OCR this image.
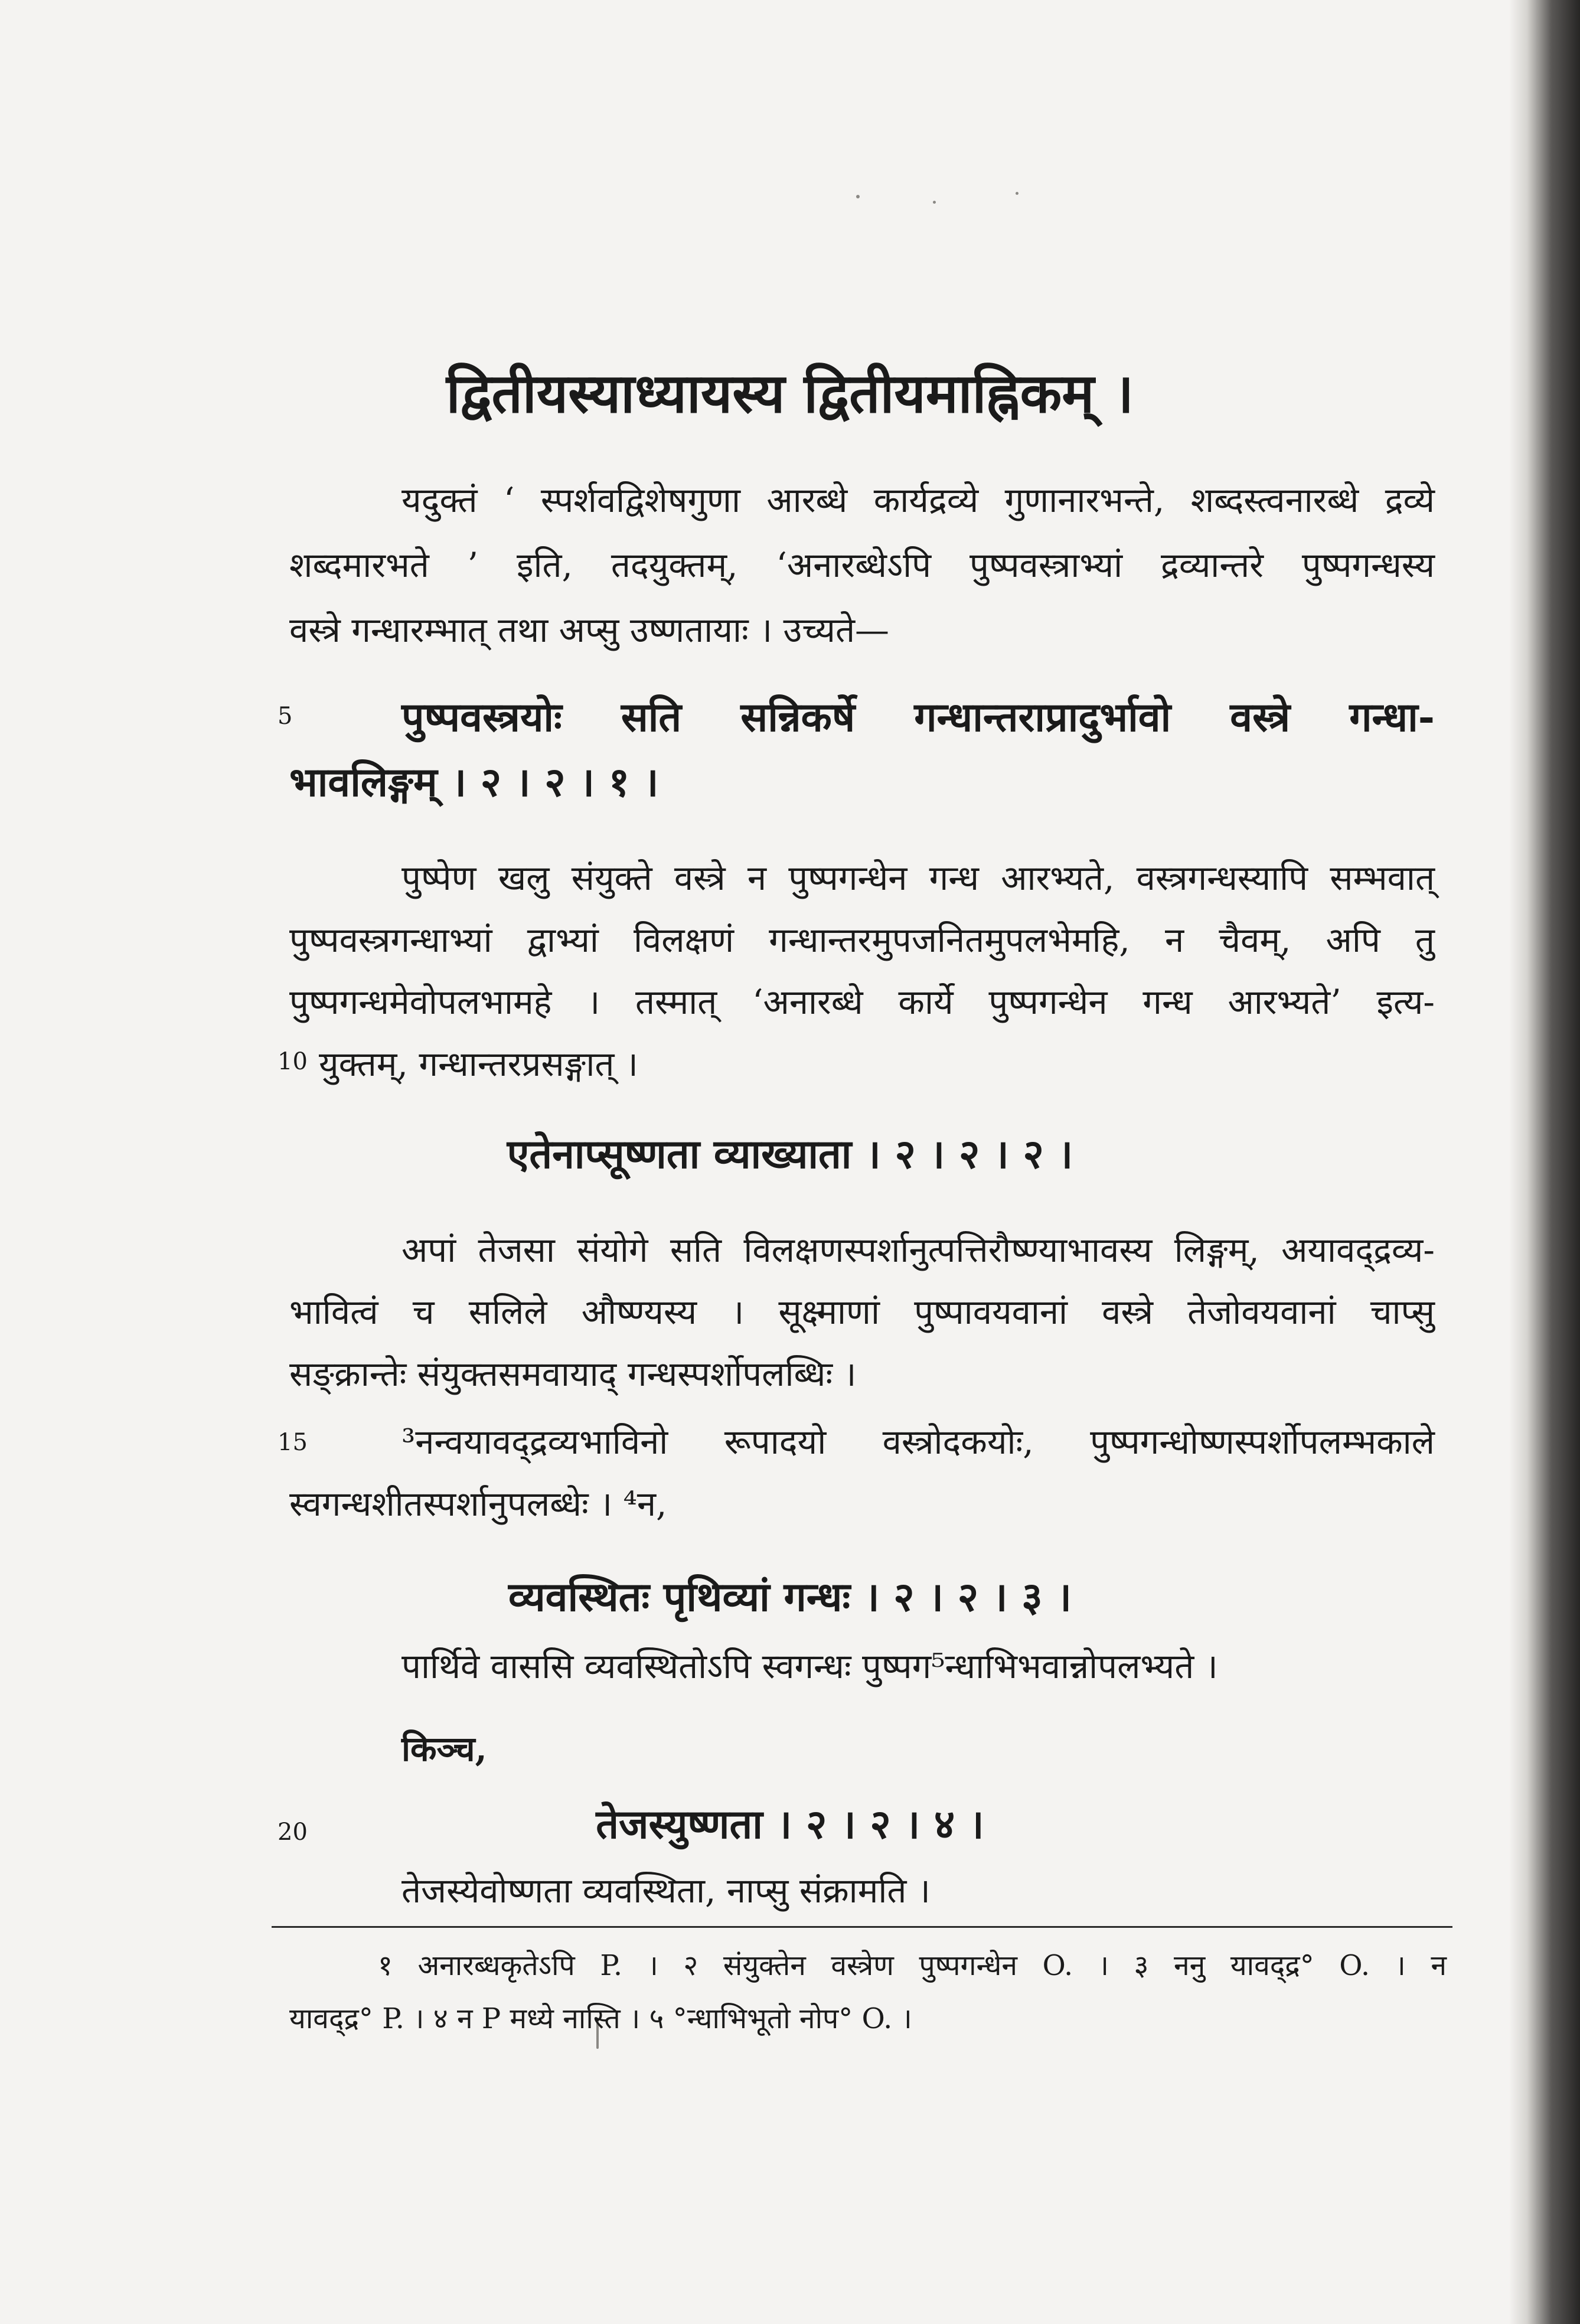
द्वितीयस्याध्यायस्य द्वितीयमाह्निकम् ।
यदुक्तं ‘ स्पर्शवद्विशेषगुणा आरब्धे कार्यद्रव्ये गुणानारभन्ते, शब्दस्त्वनारब्धे द्रव्ये
शब्दमारभते ’ इति, तदयुक्तम्, ‘अनारब्धेऽपि पुष्पवस्त्राभ्यां द्रव्यान्तरे पुष्पगन्धस्य
वस्त्रे गन्धारम्भात् तथा अप्सु उष्णतायाः । उच्यते—
5	पुष्पवस्त्रयोः सति सन्निकर्षे गन्धान्तराप्रादुर्भावो वस्त्रे गन्धा-
भावलिङ्गम् । २ । २ । १ ।
पुष्पेण खलु संयुक्ते वस्त्रे न पुष्पगन्धेन गन्ध आरभ्यते, वस्त्रगन्धस्यापि सम्भवात्
पुष्पवस्त्रगन्धाभ्यां द्वाभ्यां विलक्षणं गन्धान्तरमुपजनितमुपलभेमहि, न चैवम्, अपि तु
पुष्पगन्धमेवोपलभामहे । तस्मात् ‘अनारब्धे कार्ये पुष्पगन्धेन गन्ध आरभ्यते’ इत्य-
10 युक्तम्, गन्धान्तरप्रसङ्गात् ।
एतेनाप्सूष्णता व्याख्याता । २ । २ । २ ।
अपां तेजसा संयोगे सति विलक्षणस्पर्शानुत्पत्तिरौष्ण्याभावस्य लिङ्गम्, अयावद्द्रव्य-
भावित्वं च सलिले औष्ण्यस्य । सूक्ष्माणां पुष्पावयवानां वस्त्रे तेजोवयवानां चाप्सु
सङ्क्रान्तेः संयुक्तसमवायाद् गन्धस्पर्शोपलब्धिः ।
15	³नन्वयावद्द्रव्यभाविनो रूपादयो वस्त्रोदकयोः, पुष्पगन्धोष्णस्पर्शोपलम्भकाले
स्वगन्धशीतस्पर्शानुपलब्धेः । ⁴न,
व्यवस्थितः पृथिव्यां गन्धः । २ । २ । ३ ।
पार्थिवे वाससि व्यवस्थितोऽपि स्वगन्धः पुष्पग⁵न्धाभिभवान्नोपलभ्यते ।
किञ्च,
20	तेजस्युष्णता । २ । २ । ४ ।
तेजस्येवोष्णता व्यवस्थिता, नाप्सु संक्रामति ।
१ अनारब्धकृतेऽपि P. । २ संयुक्तेन वस्त्रेण पुष्पगन्धेन O. । ३ ननु यावद्द्र° O. । न
यावद्द्र° P. । ४ न P मध्ये नास्ति । ५ °न्धाभिभूतो नोप° O. ।
